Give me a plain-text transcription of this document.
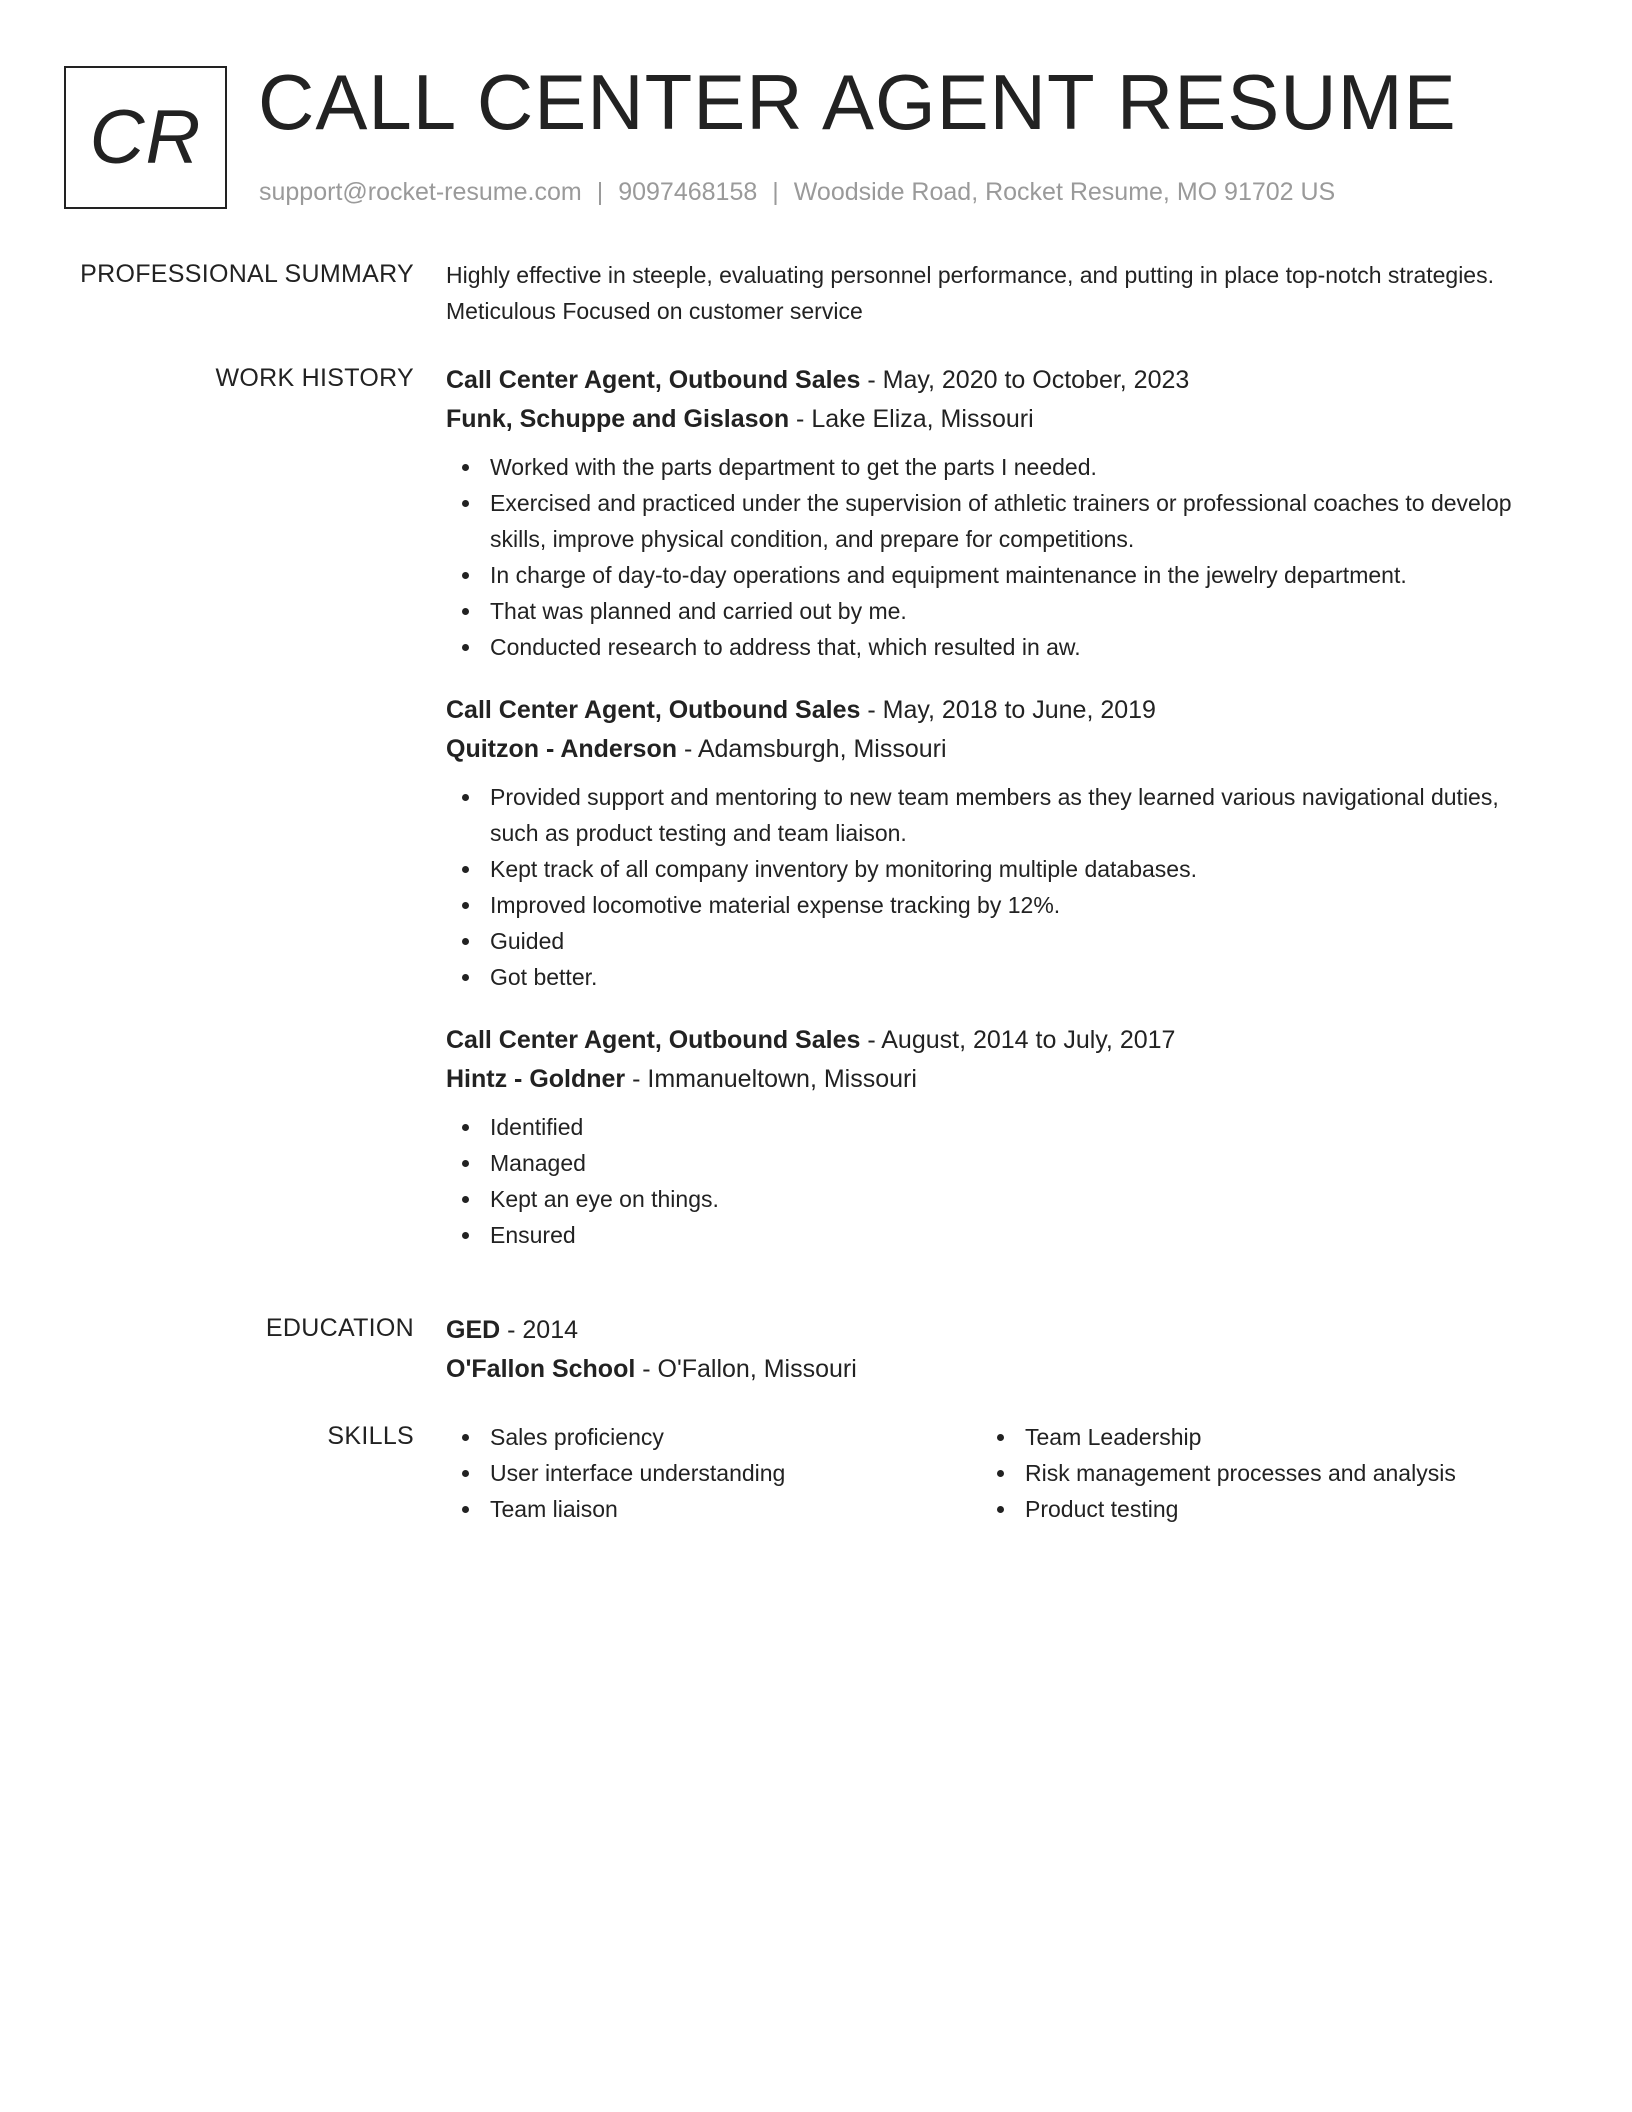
CR CALL CENTER AGENT RESUME
support@rocket-resume.com | 9097468158 | Woodside Road, Rocket Resume, MO 91702 US
PROFESSIONAL SUMMARY Highly effective in steeple, evaluating personnel performance, and putting in place top-notch strategies. Meticulous Focused on customer service

WORK HISTORY Call Center Agent, Outbound Sales - May, 2020 to October, 2023
Funk, Schuppe and Gislason - Lake Eliza, Missouri
Worked with the parts department to get the parts I needed.
Exercised and practiced under the supervision of athletic trainers or professional coaches to develop skills, improve physical condition, and prepare for competitions.
In charge of day-to-day operations and equipment maintenance in the jewelry department.
That was planned and carried out by me.
Conducted research to address that, which resulted in aw.
Call Center Agent, Outbound Sales - May, 2018 to June, 2019
Quitzon - Anderson - Adamsburgh, Missouri
Provided support and mentoring to new team members as they learned various navigational duties, such as product testing and team liaison.
Kept track of all company inventory by monitoring multiple databases.
Improved locomotive material expense tracking by 12%.
Guided
Got better.
Call Center Agent, Outbound Sales - August, 2014 to July, 2017
Hintz - Goldner - Immanueltown, Missouri
Identified
Managed
Kept an eye on things.
Ensured
EDUCATION GED - 2014
O'Fallon School - O'Fallon, Missouri
SKILLS	Sales proficiency
User interface understanding
Team liaison
Team Leadership
Risk management processes and analysis
Product testing
